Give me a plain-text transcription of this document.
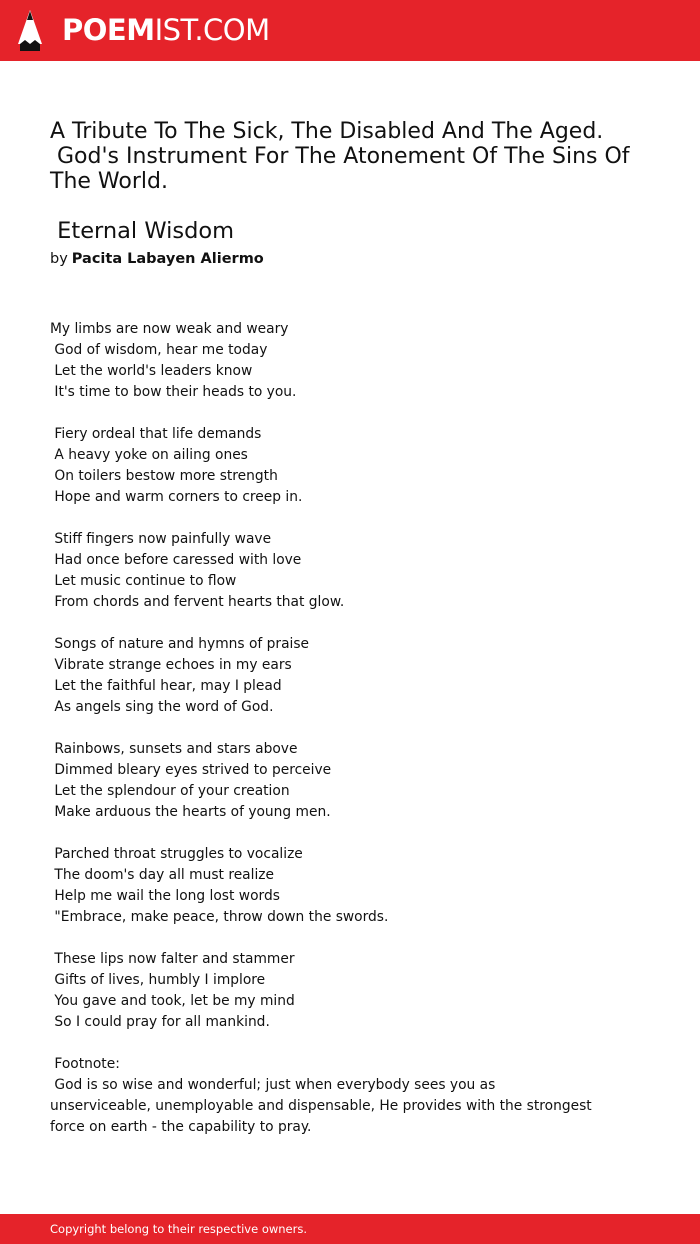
POEMIST.COM
A Tribute To The Sick, The Disabled And The Aged.
God's Instrument For The Atonement Of The Sins Of The World.
Eternal Wisdom
by Pacita Labayen Aliermo
My limbs are now weak and weary
God of wisdom, hear me today
Let the world's leaders know
It's time to bow their heads to you.

Fiery ordeal that life demands
A heavy yoke on ailing ones
On toilers bestow more strength
Hope and warm corners to creep in.

Stiff fingers now painfully wave
Had once before caressed with love
Let music continue to flow
From chords and fervent hearts that glow.

Songs of nature and hymns of praise
Vibrate strange echoes in my ears
Let the faithful hear, may I plead
As angels sing the word of God.

Rainbows, sunsets and stars above
Dimmed bleary eyes strived to perceive
Let the splendour of your creation
Make arduous the hearts of young men.

Parched throat struggles to vocalize
The doom's day all must realize
Help me wail the long lost words
"Embrace, make peace, throw down the swords.

These lips now falter and stammer
Gifts of lives, humbly I implore
You gave and took, let be my mind
So I could pray for all mankind.

Footnote:
God is so wise and wonderful; just when everybody sees you as
unserviceable, unemployable and dispensable, He provides with the strongest
force on earth - the capability to pray.
Copyright belong to their respective owners.
